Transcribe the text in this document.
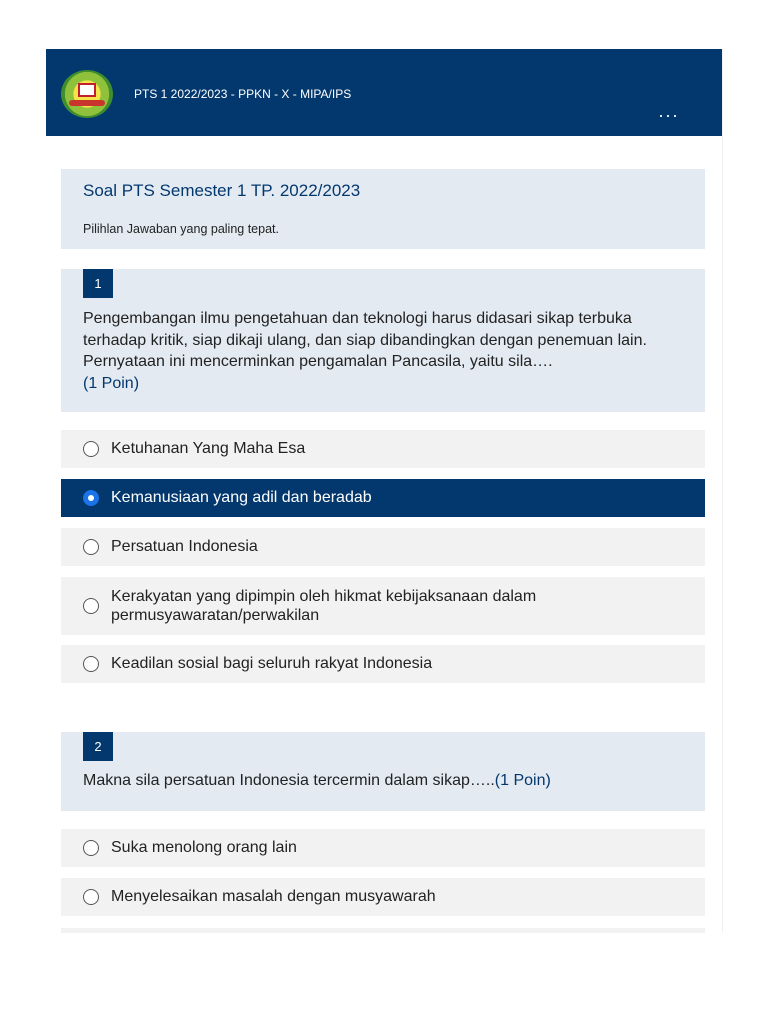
PTS 1 2022/2023 - PPKN - X - MIPA/IPS
...
Soal PTS Semester 1 TP. 2022/2023
Pilihlan Jawaban yang paling tepat.
1
Pengembangan ilmu pengetahuan dan teknologi harus didasari sikap terbuka terhadap kritik, siap dikaji ulang, dan siap dibandingkan dengan penemuan lain. Pernyataan ini mencerminkan pengamalan Pancasila, yaitu sila….
(1 Poin)
Ketuhanan Yang Maha Esa
Kemanusiaan yang adil dan beradab
Persatuan Indonesia
Kerakyatan yang dipimpin oleh hikmat kebijaksanaan dalam permusyawaratan/perwakilan
Keadilan sosial bagi seluruh rakyat Indonesia
2
Makna sila persatuan Indonesia tercermin dalam sikap…..(1 Poin)
Suka menolong orang lain
Menyelesaikan masalah dengan musyawarah
